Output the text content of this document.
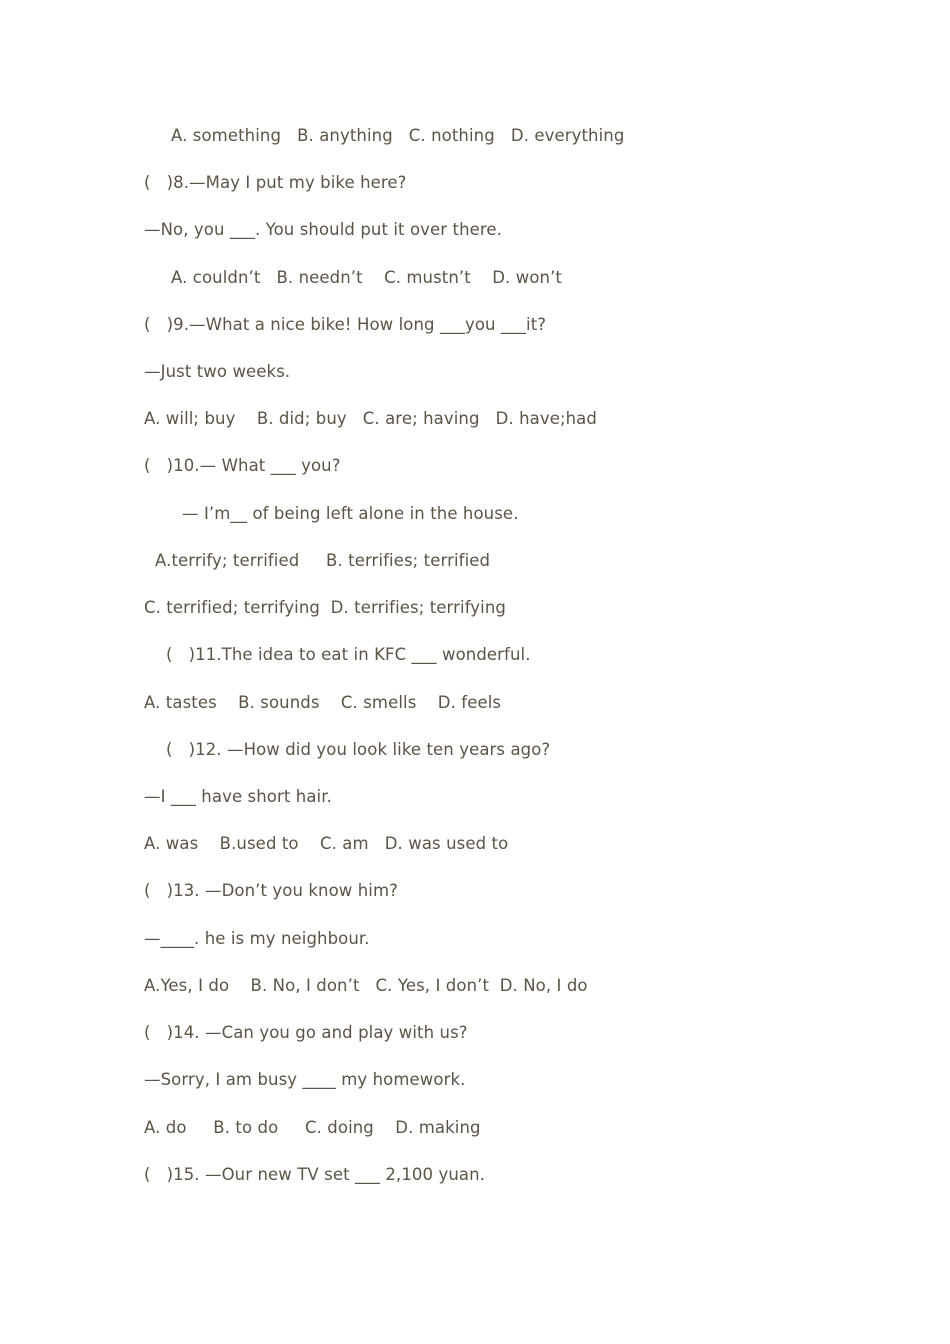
A. something   B. anything   C. nothing   D. everything
(   )8.—May I put my bike here?
—No, you ___. You should put it over there.
A. couldn’t   B. needn’t    C. mustn’t    D. won’t
(   )9.—What a nice bike! How long ___you ___it?
—Just two weeks.
A. will; buy    B. did; buy   C. are; having   D. have;had
(   )10.— What ___ you?
— I’m__ of being left alone in the house.
A.terrify; terrified     B. terrifies; terrified
C. terrified; terrifying  D. terrifies; terrifying
(   )11.The idea to eat in KFC ___ wonderful.
A. tastes    B. sounds    C. smells    D. feels
(   )12. —How did you look like ten years ago?
—I ___ have short hair.
A. was    B.used to    C. am   D. was used to
(   )13. —Don’t you know him?
—____. he is my neighbour.
A.Yes, I do    B. No, I don’t   C. Yes, I don’t  D. No, I do
(   )14. —Can you go and play with us?
—Sorry, I am busy ____ my homework.
A. do     B. to do     C. doing    D. making
(   )15. —Our new TV set ___ 2,100 yuan.
